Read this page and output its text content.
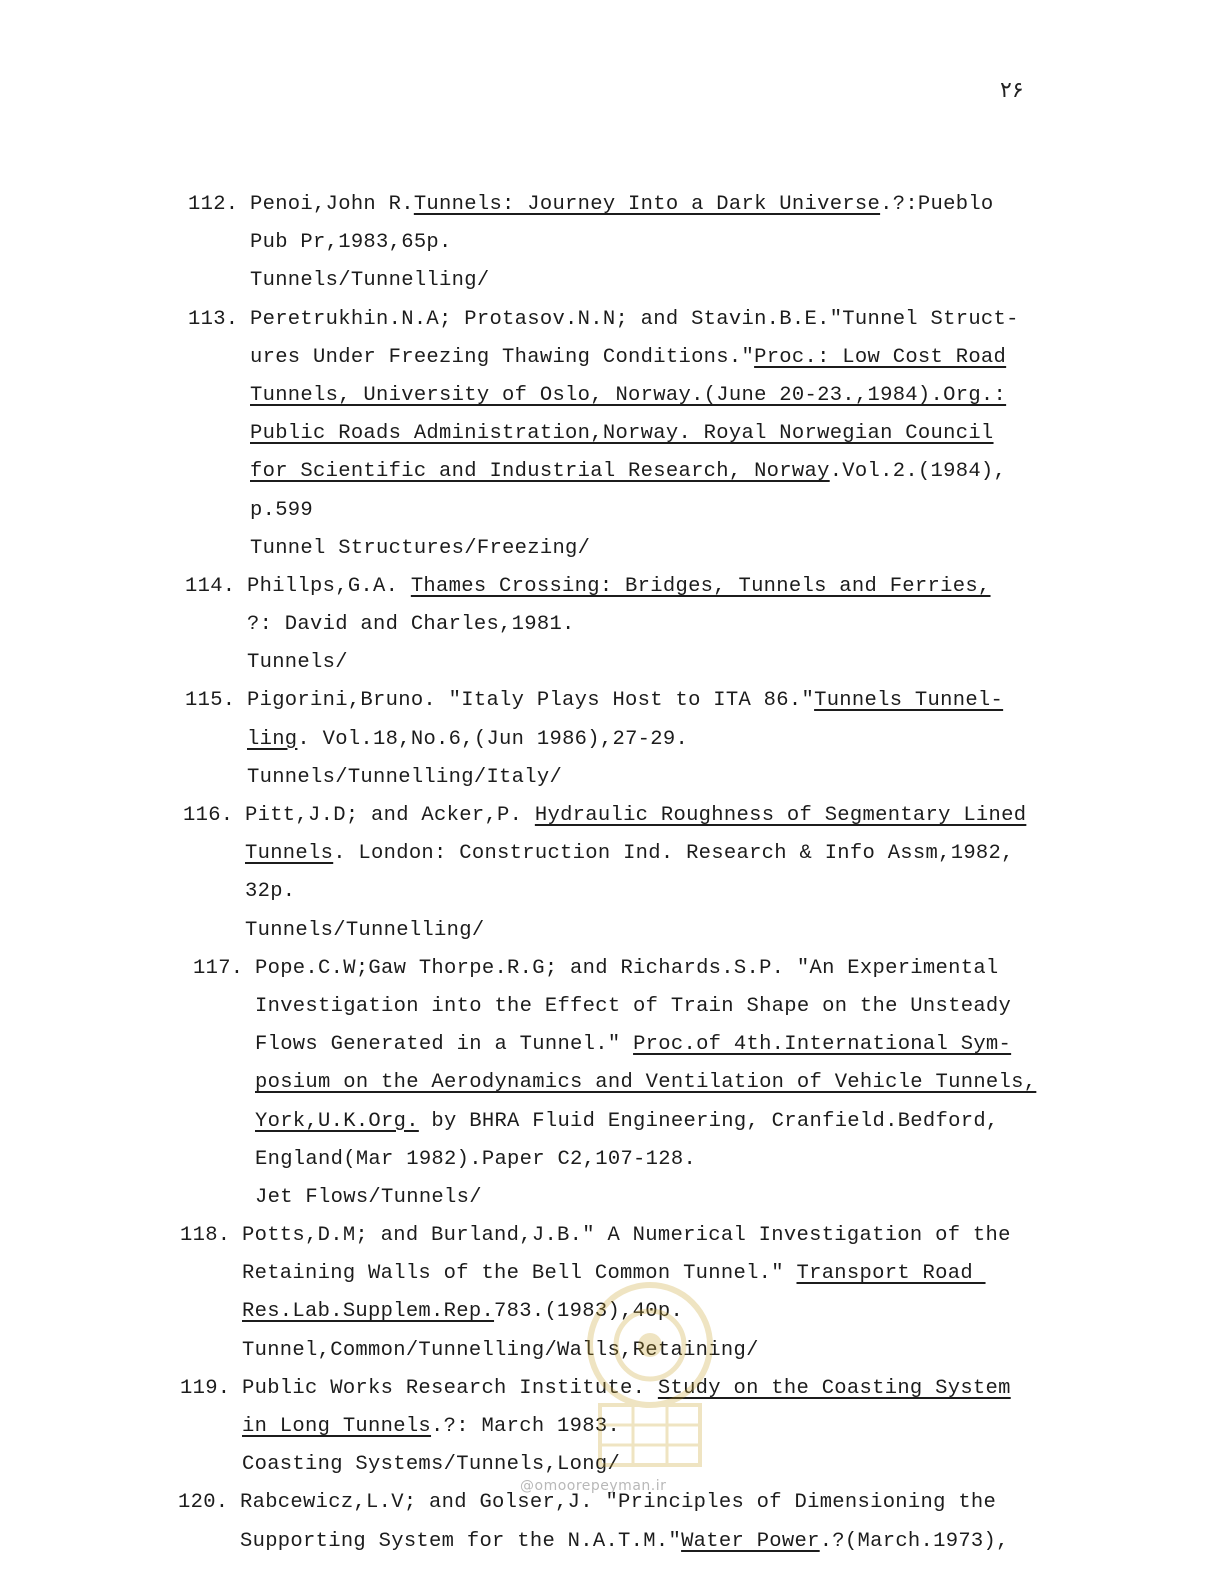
۲۶
112. Penoi,John R.Tunnels: Journey Into a Dark Universe.?:Pueblo
Pub Pr,1983,65p.
Tunnels/Tunnelling/
113. Peretrukhin.N.A; Protasov.N.N; and Stavin.B.E."Tunnel Struct-
ures Under Freezing Thawing Conditions."Proc.: Low Cost Road
Tunnels, University of Oslo, Norway.(June 20-23.,1984).Org.:
Public Roads Administration,Norway. Royal Norwegian Council
for Scientific and Industrial Research, Norway.Vol.2.(1984),
p.599
Tunnel Structures/Freezing/
114. Phillps,G.A. Thames Crossing: Bridges, Tunnels and Ferries,
?: David and Charles,1981.
Tunnels/
115. Pigorini,Bruno. "Italy Plays Host to ITA 86."Tunnels Tunnel-
ling. Vol.18,No.6,(Jun 1986),27-29.
Tunnels/Tunnelling/Italy/
116. Pitt,J.D; and Acker,P. Hydraulic Roughness of Segmentary Lined
Tunnels. London: Construction Ind. Research & Info Assm,1982,
32p.
Tunnels/Tunnelling/
117. Pope.C.W;Gaw Thorpe.R.G; and Richards.S.P. "An Experimental
Investigation into the Effect of Train Shape on the Unsteady
Flows Generated in a Tunnel." Proc.of 4th.International Sym-
posium on the Aerodynamics and Ventilation of Vehicle Tunnels,
York,U.K.Org. by BHRA Fluid Engineering, Cranfield.Bedford,
England(Mar 1982).Paper C2,107-128.
Jet Flows/Tunnels/
118. Potts,D.M; and Burland,J.B." A Numerical Investigation of the
Retaining Walls of the Bell Common Tunnel." Transport Road
Res.Lab.Supplem.Rep.783.(1983),40p.
Tunnel,Common/Tunnelling/Walls,Retaining/
119. Public Works Research Institute. Study on the Coasting System
in Long Tunnels.?: March 1983.
Coasting Systems/Tunnels,Long/
120. Rabcewicz,L.V; and Golser,J. "Principles of Dimensioning the
Supporting System for the N.A.T.M."Water Power.?(March.1973),
@omoorepeyman.ir
